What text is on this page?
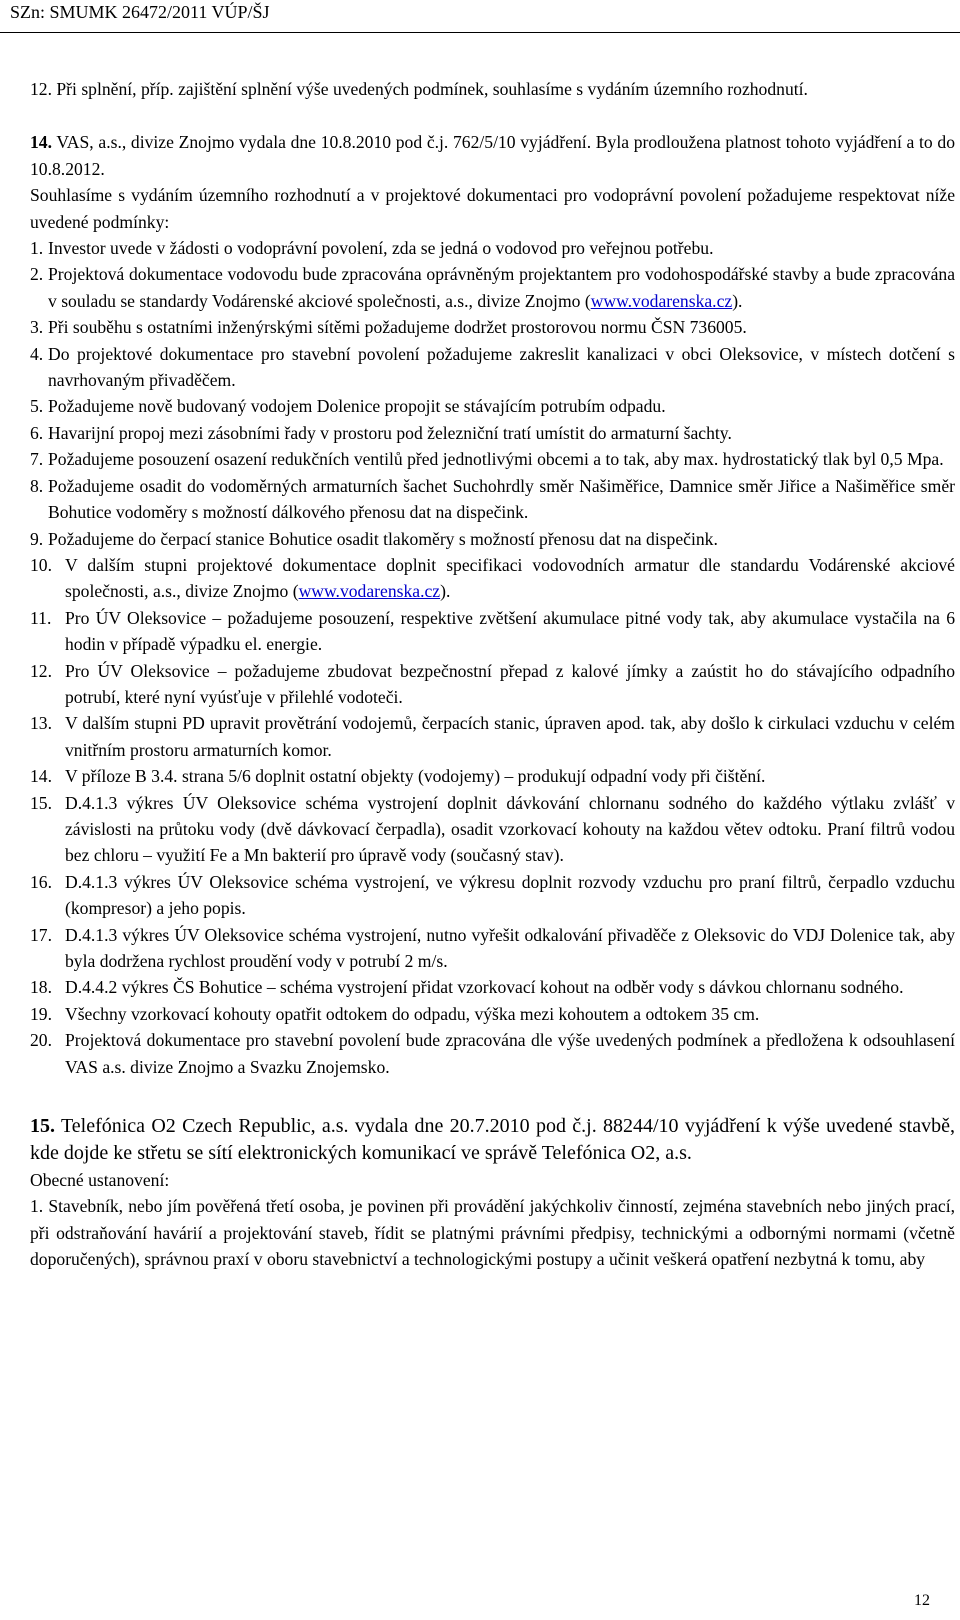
SZn: SMUMK 26472/2011 VÚP/ŠJ

12. Při splnění, příp. zajištění splnění výše uvedených podmínek, souhlasíme s vydáním územního rozhodnutí.

14. VAS, a.s., divize Znojmo vydala dne 10.8.2010 pod č.j. 762/5/10 vyjádření. Byla prodloužena platnost tohoto vyjádření a to do 10.8.2012.

Souhlasíme s vydáním územního rozhodnutí a v projektové dokumentaci pro vodoprávní povolení požadujeme respektovat níže uvedené podmínky:

1. Investor uvede v žádosti o vodoprávní povolení, zda se jedná o vodovod pro veřejnou potřebu.
2. Projektová dokumentace vodovodu bude zpracována oprávněným projektantem pro vodohospodářské stavby a bude zpracována v souladu se standardy Vodárenské akciové společnosti, a.s., divize Znojmo (www.vodarenska.cz).
3. Při souběhu s ostatními inženýrskými sítěmi požadujeme dodržet prostorovou normu ČSN 736005.
4. Do projektové dokumentace pro stavební povolení požadujeme zakreslit kanalizaci v obci Oleksovice, v místech dotčení s navrhovaným přivaděčem.
5. Požadujeme nově budovaný vodojem Dolenice propojit se stávajícím potrubím odpadu.
6. Havarijní propoj mezi zásobními řady v prostoru pod železniční tratí umístit do armaturní šachty.
7. Požadujeme posouzení osazení redukčních ventilů před jednotlivými obcemi a to tak, aby max. hydrostatický tlak byl 0,5 Mpa.
8. Požadujeme osadit do vodoměrných armaturních šachet Suchohrdly směr Našiměřice, Damnice směr Jiřice a Našiměřice směr Bohutice vodoměry s možností dálkového přenosu dat na dispečink.
9. Požadujeme do čerpací stanice Bohutice osadit tlakoměry s možností přenosu dat na dispečink.
10. V dalším stupni projektové dokumentace doplnit specifikaci vodovodních armatur dle standardu Vodárenské akciové společnosti, a.s., divize Znojmo (www.vodarenska.cz).
11. Pro ÚV Oleksovice – požadujeme posouzení, respektive zvětšení akumulace pitné vody tak, aby akumulace vystačila na 6 hodin v případě výpadku el. energie.
12. Pro ÚV Oleksovice – požadujeme zbudovat bezpečnostní přepad z kalové jímky a zaústit ho do stávajícího odpadního potrubí, které nyní vyúsťuje v přilehlé vodoteči.
13. V dalším stupni PD upravit provětrání vodojemů, čerpacích stanic, úpraven apod. tak, aby došlo k cirkulaci vzduchu v celém vnitřním prostoru armaturních komor.
14. V příloze B 3.4. strana 5/6 doplnit ostatní objekty (vodojemy) – produkují odpadní vody při čištění.
15. D.4.1.3 výkres ÚV Oleksovice schéma vystrojení doplnit dávkování chlornanu sodného do každého výtlaku zvlášť v závislosti na průtoku vody (dvě dávkovací čerpadla), osadit vzorkovací kohouty na každou větev odtoku. Praní filtrů vodou bez chloru – využití Fe a Mn bakterií pro úpravě vody (současný stav).
16. D.4.1.3 výkres ÚV Oleksovice schéma vystrojení, ve výkresu doplnit rozvody vzduchu pro praní filtrů, čerpadlo vzduchu (kompresor) a jeho popis.
17. D.4.1.3 výkres ÚV Oleksovice schéma vystrojení, nutno vyřešit odkalování přivaděče z Oleksovic do VDJ Dolenice tak, aby byla dodržena rychlost proudění vody v potrubí 2 m/s.
18. D.4.4.2 výkres ČS Bohutice – schéma vystrojení přidat vzorkovací kohout na odběr vody s dávkou chlornanu sodného.
19. Všechny vzorkovací kohouty opatřit odtokem do odpadu, výška mezi kohoutem a odtokem 35 cm.
20. Projektová dokumentace pro stavební povolení bude zpracována dle výše uvedených podmínek a předložena k odsouhlasení VAS a.s. divize Znojmo a Svazku Znojemsko.

15. Telefónica O2 Czech Republic, a.s. vydala dne 20.7.2010 pod č.j. 88244/10 vyjádření k výše uvedené stavbě, kde dojde ke střetu se sítí elektronických komunikací ve správě Telefónica O2, a.s.

Obecné ustanovení:

1. Stavebník, nebo jím pověřená třetí osoba, je povinen při provádění jakýchkoliv činností, zejména stavebních nebo jiných prací, při odstraňování havárií a projektování staveb, řídit se platnými právními předpisy, technickými a odbornými normami (včetně doporučených), správnou praxí v oboru stavebnictví a technologickými postupy a učinit veškerá opatření nezbytná k tomu, aby

12
